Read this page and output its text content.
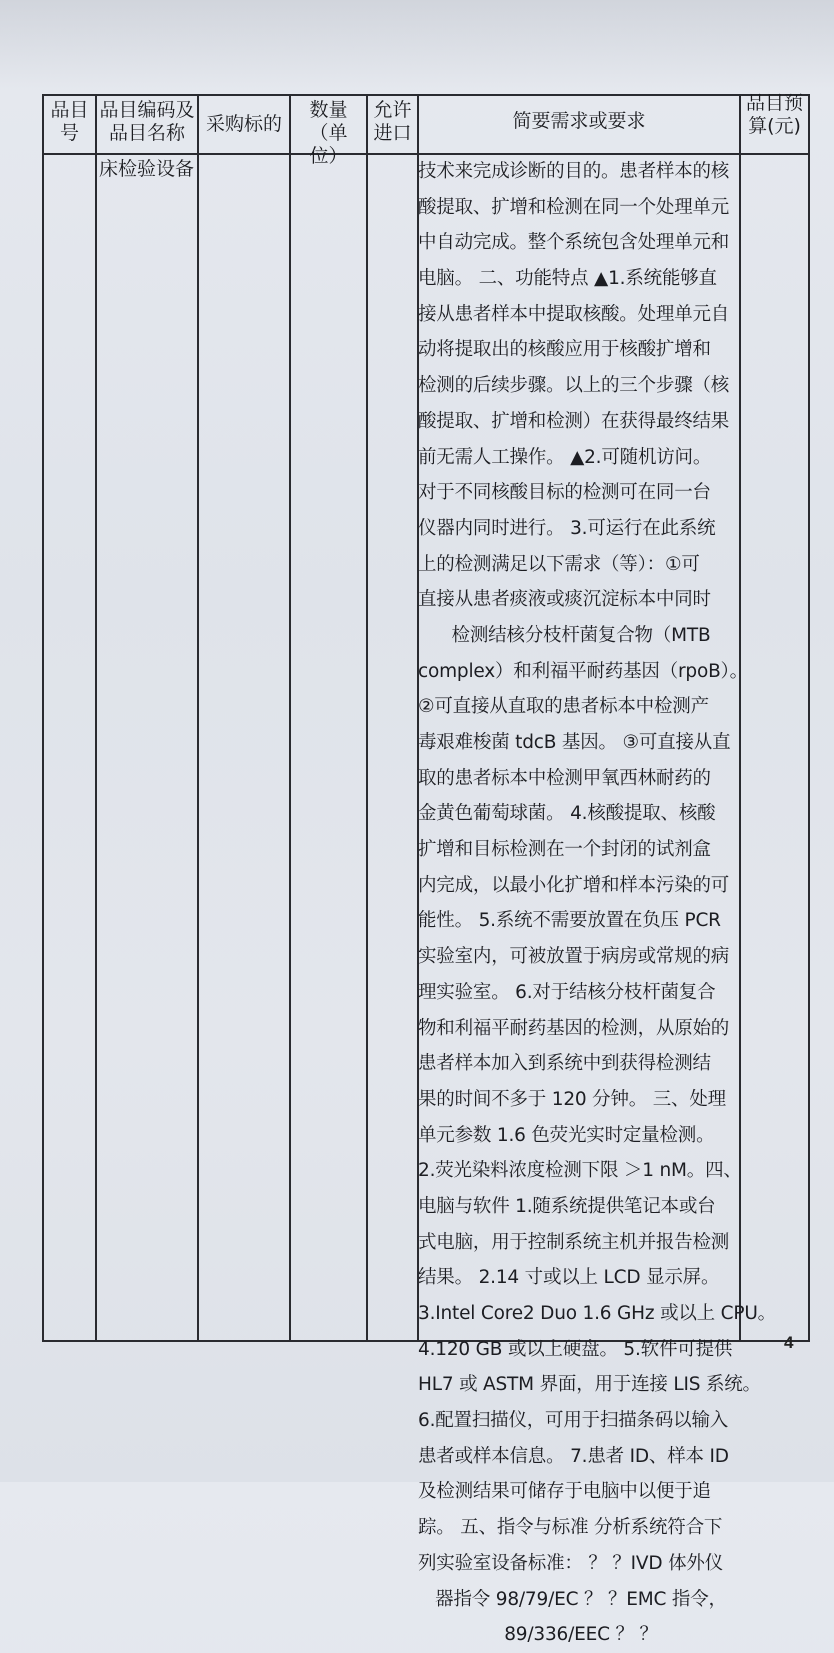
品目
号
品目编码及
品目名称	采购标的
数量（单
位）
允许
进口
简要需求或要求
品目预
算(元)
床检验设备	技术来完成诊断的目的。患者样本的核
酸提取、扩增和检测在同一个处理单元
中自动完成。整个系统包含处理单元和
电脑。 二、功能特点 ▲1.系统能够直
接从患者样本中提取核酸。处理单元自
动将提取出的核酸应用于核酸扩增和
检测的后续步骤。以上的三个步骤（核
酸提取、扩增和检测）在获得最终结果
前无需人工操作。 ▲2.可随机访问。
对于不同核酸目标的检测可在同一台
仪器内同时进行。 3.可运行在此系统
上的检测满足以下需求（等）：①可
直接从患者痰液或痰沉淀标本中同时
检测结核分枝杆菌复合物（MTB
complex）和利福平耐药基因（rpoB）。
②可直接从直取的患者标本中检测产
毒艰难梭菌 tdcB 基因。 ③可直接从直
取的患者标本中检测甲氧西林耐药的
金黄色葡萄球菌。 4.核酸提取、核酸
扩增和目标检测在一个封闭的试剂盒
内完成，以最小化扩增和样本污染的可
能性。 5.系统不需要放置在负压 PCR
实验室内，可被放置于病房或常规的病
理实验室。 6.对于结核分枝杆菌复合
物和利福平耐药基因的检测，从原始的
患者样本加入到系统中到获得检测结
果的时间不多于 120 分钟。 三、处理
单元参数 1.6 色荧光实时定量检测。
2.荧光染料浓度检测下限 ＞1 nM。四、
电脑与软件 1.随系统提供笔记本或台
式电脑，用于控制系统主机并报告检测
结果。 2.14 寸或以上 LCD 显示屏。
3.Intel Core2 Duo 1.6 GHz 或以上 CPU。
4.120 GB 或以上硬盘。 5.软件可提供
HL7 或 ASTM 界面，用于连接 LIS 系统。
6.配置扫描仪，可用于扫描条码以输入
患者或样本信息。 7.患者 ID、样本 ID
及检测结果可储存于电脑中以便于追
踪。 五、指令与标准 分析系统符合下
列实验室设备标准： ？ ？IVD 体外仪
器指令 98/79/EC ？ ？EMC 指令，
89/336/EEC ？ ？
4
